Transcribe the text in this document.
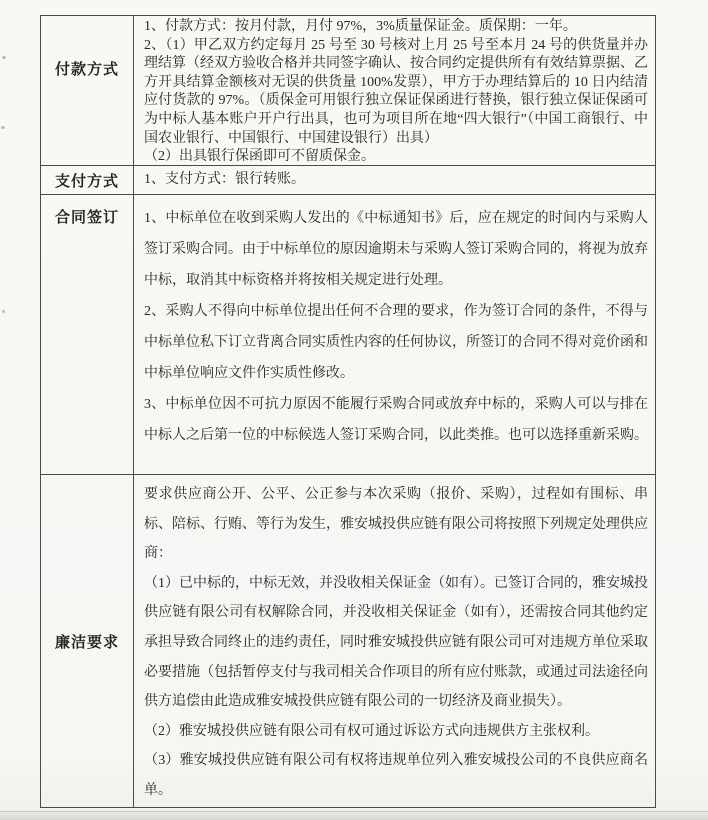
付款方式

1、付款方式：按月付款，月付 97%，3%质量保证金。质保期：一年。

2、（1）甲乙双方约定每月 25 号至 30 号核对上月 25 号至本月 24 号的供货量并办理结算（经双方验收合格并共同签字确认、按合同约定提供所有有效结算票据、乙方开具结算金额核对无误的供货量 100%发票），甲方于办理结算后的 10 日内结清应付货款的 97%。（质保金可用银行独立保证保函进行替换，银行独立保证保函可为中标人基本账户开户行出具，也可为项目所在地“四大银行”（中国工商银行、中国农业银行、中国银行、中国建设银行）出具）

（2）出具银行保函即可不留质保金。

支付方式 1、支付方式：银行转账。

合同签订 1、中标单位在收到采购人发出的《中标通知书》后，应在规定的时间内与采购人签订采购合同。由于中标单位的原因逾期未与采购人签订采购合同的，将视为放弃中标，取消其中标资格并将按相关规定进行处理。

2、采购人不得向中标单位提出任何不合理的要求，作为签订合同的条件，不得与中标单位私下订立背离合同实质性内容的任何协议，所签订的合同不得对竞价函和中标单位响应文件作实质性修改。

3、中标单位因不可抗力原因不能履行采购合同或放弃中标的，采购人可以与排在中标人之后第一位的中标候选人签订采购合同，以此类推。也可以选择重新采购。

廉洁要求

要求供应商公开、公平、公正参与本次采购（报价、采购），过程如有围标、串标、陪标、行贿、等行为发生，雅安城投供应链有限公司将按照下列规定处理供应商：

（1）已中标的，中标无效，并没收相关保证金（如有）。已签订合同的，雅安城投供应链有限公司有权解除合同，并没收相关保证金（如有），还需按合同其他约定承担导致合同终止的违约责任，同时雅安城投供应链有限公司可对违规方单位采取必要措施（包括暂停支付与我司相关合作项目的所有应付账款，或通过司法途径向供方追偿由此造成雅安城投供应链有限公司的一切经济及商业损失）。

（2）雅安城投供应链有限公司有权可通过诉讼方式向违规供方主张权利。

（3）雅安城投供应链有限公司有权将违规单位列入雅安城投公司的不良供应商名单。
